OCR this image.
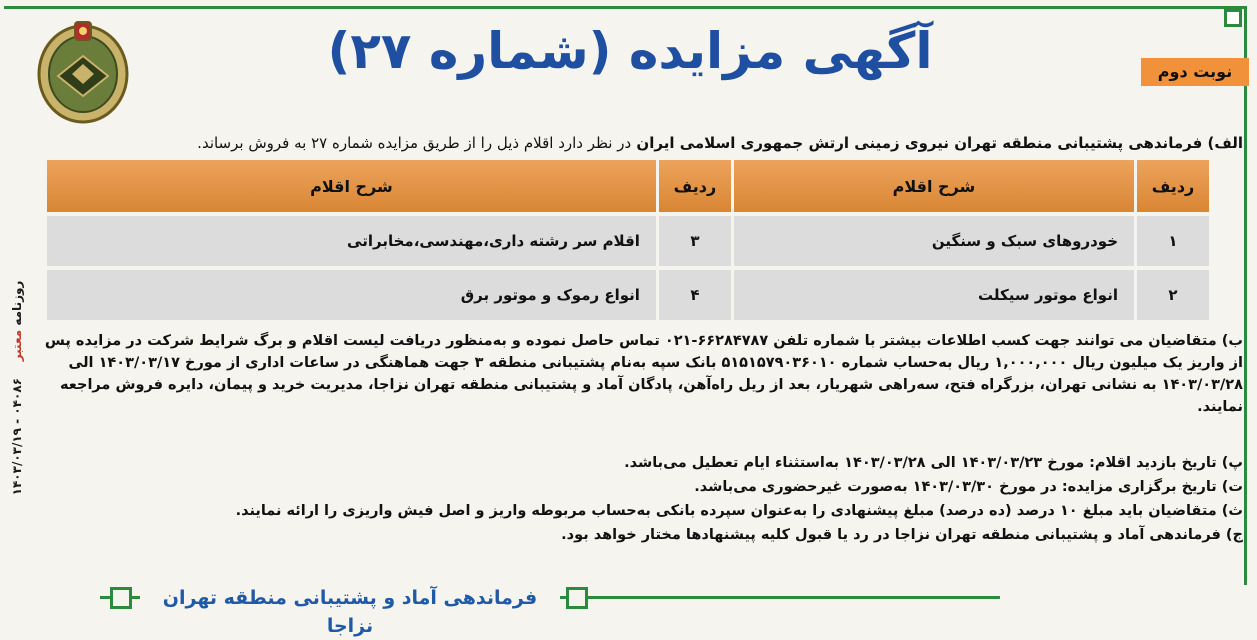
روزنامه معتبر    ۰۴۰۸۶ - ۱۴۰۳/۰۳/۱۹
آگهی مزایده (شماره ۲۷)	نوبت دوم
الف) فرماندهی پشتیبانی منطقه تهران نیروی زمینی ارتش جمهوری اسلامی ایران در نظر دارد اقلام ذیل را از طریق مزایده شماره ۲۷ به فروش برساند.
ردیف	شرح اقلام	ردیف	شرح اقلام
۱	خودروهای سبک و سنگین	۳	اقلام سر رشته داری،مهندسی،مخابراتی
۲	انواع موتور سیکلت	۴	انواع رموک و موتور برق
ب) متقاضیان می توانند جهت کسب اطلاعات بیشتر با شماره تلفن ۶۶۲۸۴۷۸۷-۰۲۱ تماس حاصل نموده و به‌منظور دریافت لیست اقلام و برگ شرایط شرکت در مزایده پس از واریز یک میلیون ریال ۱,۰۰۰,۰۰۰ ریال به‌حساب شماره ۵۱۵۱۵۷۹۰۳۶۰۱۰ بانک سپه به‌نام پشتیبانی منطقه ۳ جهت هماهنگی در ساعات اداری از مورخ ۱۴۰۳/۰۳/۱۷ الی ۱۴۰۳/۰۳/۲۸ به نشانی تهران، بزرگراه فتح، سه‌راهی شهریار، بعد از ریل راه‌آهن، پادگان آماد و پشتیبانی منطقه تهران نزاجا، مدیریت خرید و پیمان، دایره فروش مراجعه نمایند.
پ) تاریخ بازدید اقلام: مورخ ۱۴۰۳/۰۳/۲۳ الی ۱۴۰۳/۰۳/۲۸ به‌استثناء ایام تعطیل می‌باشد.
ت) تاریخ برگزاری مزایده: در مورخ ۱۴۰۳/۰۳/۳۰ به‌صورت غیرحضوری می‌باشد.
ث) متقاضیان باید مبلغ ۱۰ درصد (ده درصد) مبلغ پیشنهادی را به‌عنوان سپرده بانکی به‌حساب مربوطه واریز و اصل فیش واریزی را ارائه نمایند.
ج) فرماندهی آماد و پشتیبانی منطقه تهران نزاجا در رد یا قبول کلیه پیشنهادها مختار خواهد بود.
فرماندهی آماد و پشتیبانی منطقه تهران نزاجا
